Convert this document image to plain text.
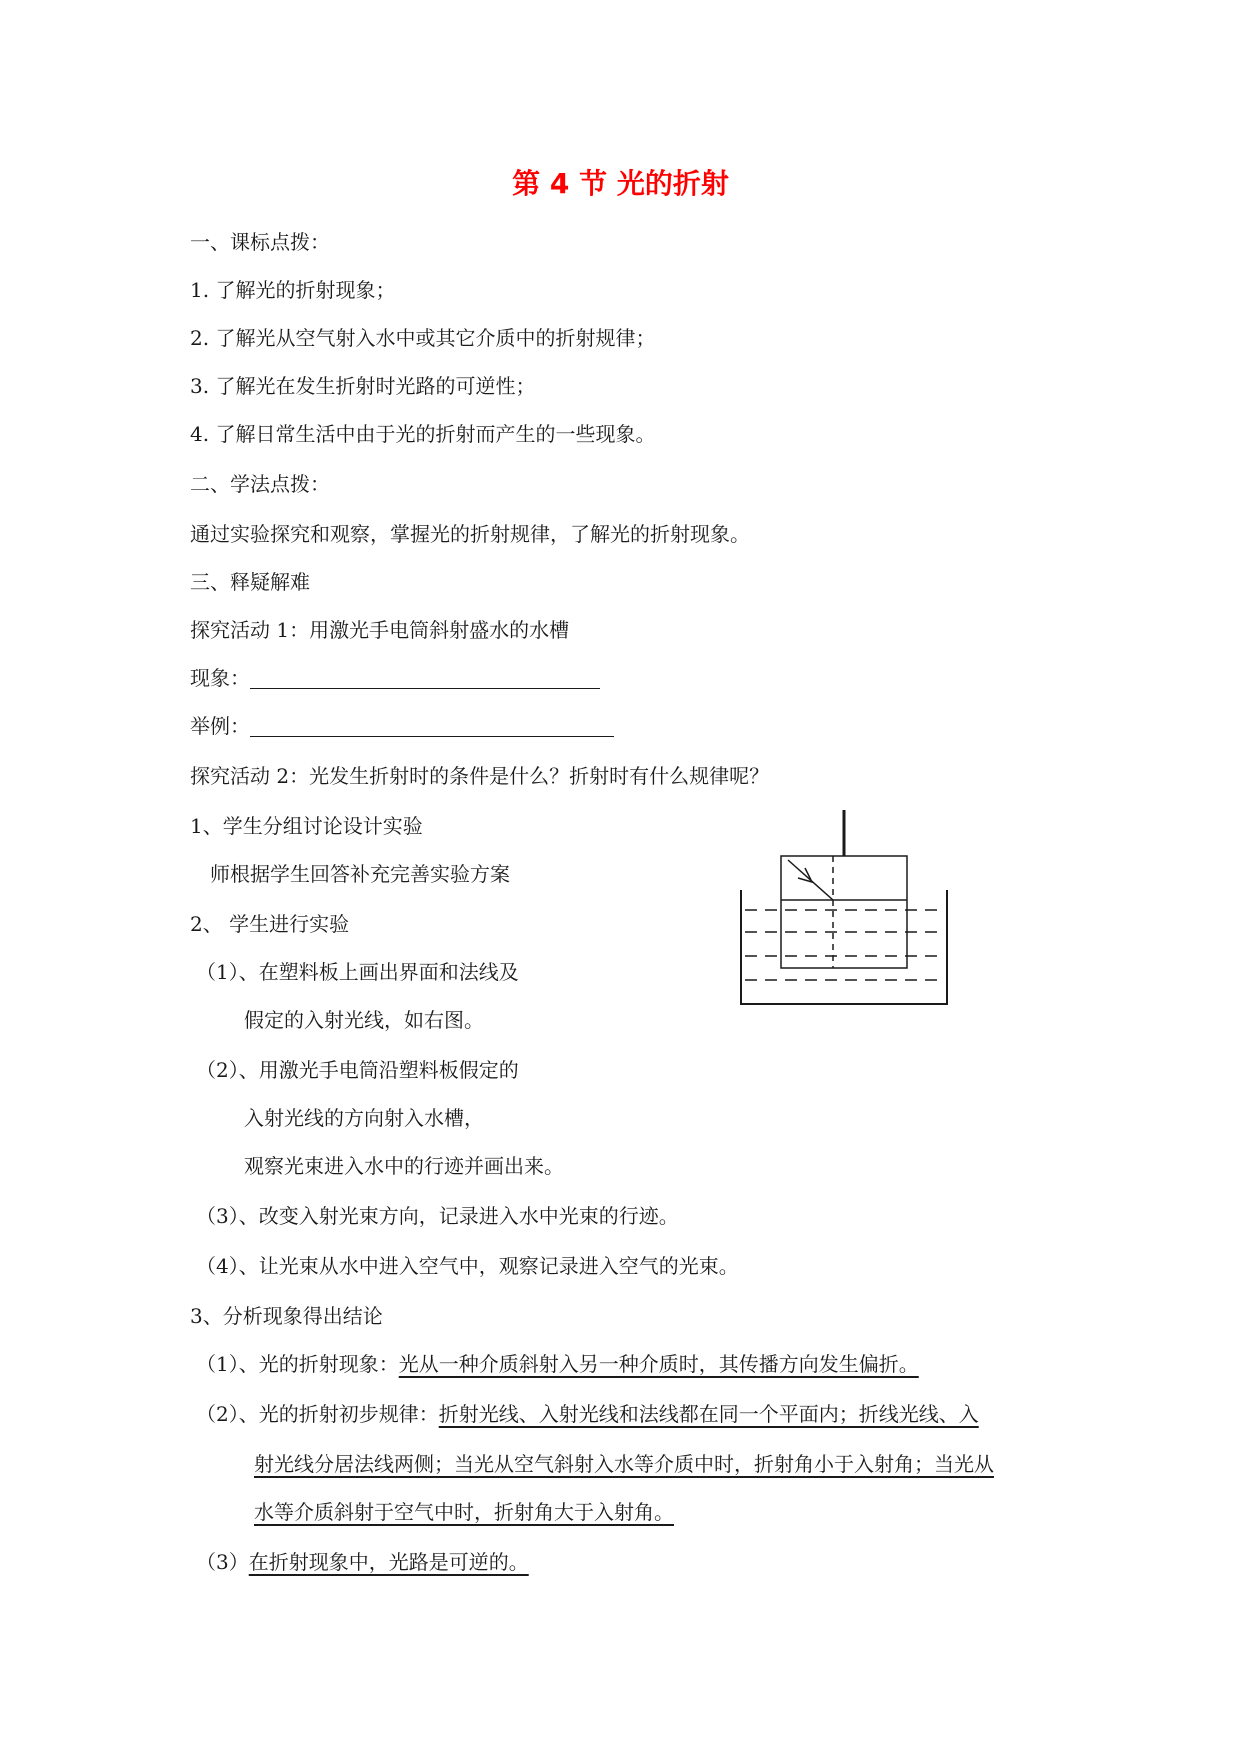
第 4 节 光的折射
一、课标点拨：
1. 了解光的折射现象；
2. 了解光从空气射入水中或其它介质中的折射规律；
3. 了解光在发生折射时光路的可逆性；
4. 了解日常生活中由于光的折射而产生的一些现象。
二、学法点拨：
通过实验探究和观察，掌握光的折射规律，了解光的折射现象。
三、释疑解难
探究活动 1：用激光手电筒斜射盛水的水槽
现象：
举例：
探究活动 2：光发生折射时的条件是什么？折射时有什么规律呢？
1、学生分组讨论设计实验
师根据学生回答补充完善实验方案
2、 学生进行实验
（1）、在塑料板上画出界面和法线及
假定的入射光线，如右图。
（2）、用激光手电筒沿塑料板假定的
入射光线的方向射入水槽，
观察光束进入水中的行迹并画出来。
（3）、改变入射光束方向，记录进入水中光束的行迹。
（4）、让光束从水中进入空气中，观察记录进入空气的光束。
3、分析现象得出结论
（1）、光的折射现象：光从一种介质斜射入另一种介质时，其传播方向发生偏折。
（2）、光的折射初步规律：折射光线、入射光线和法线都在同一个平面内；折线光线、入
射光线分居法线两侧；当光从空气斜射入水等介质中时，折射角小于入射角；当光从
水等介质斜射于空气中时，折射角大于入射角。
（3）在折射现象中，光路是可逆的。
